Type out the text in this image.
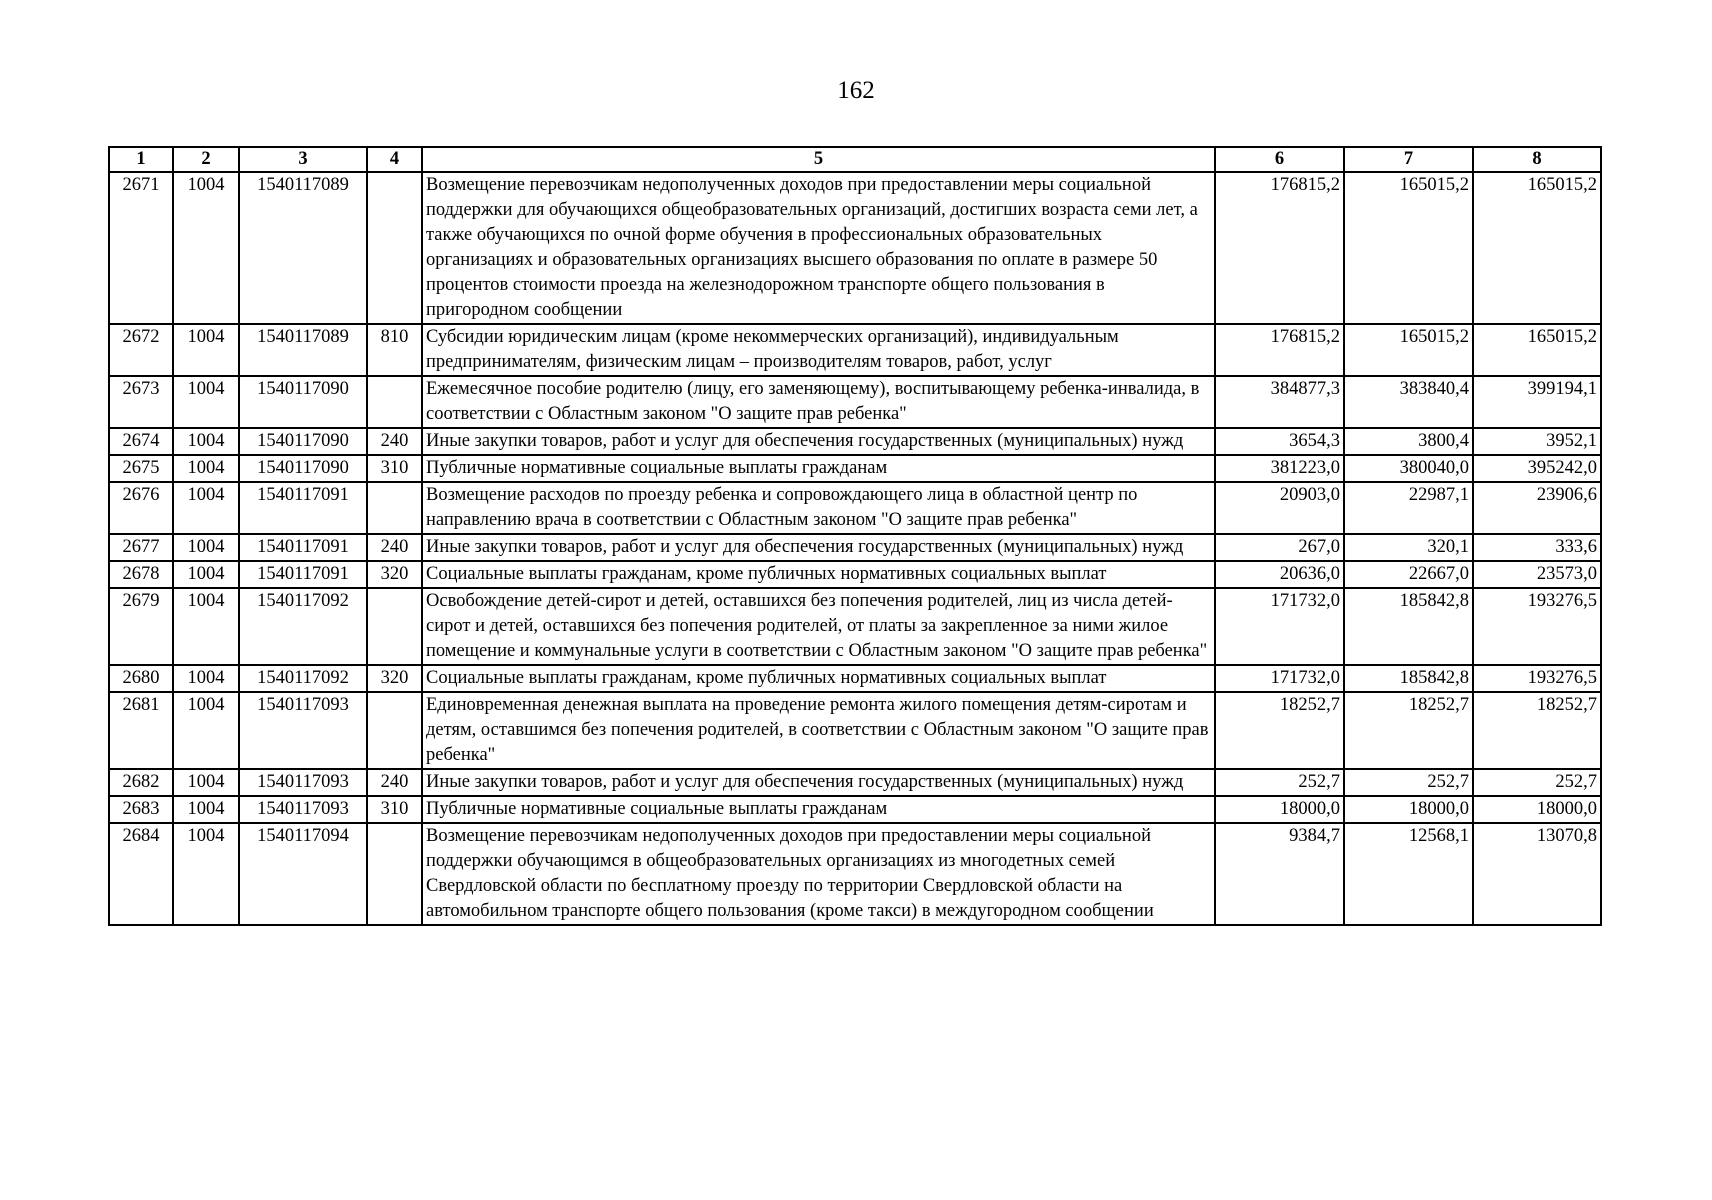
162
1	2	3	4	5	6	7	8
2671	1004	1540117089		Возмещение перевозчикам недополученных доходов при предоставлении меры социальной поддержки для обучающихся общеобразовательных организаций, достигших возраста семи лет, а также обучающихся по очной форме обучения в профессиональных образовательных организациях и образовательных организациях высшего образования по оплате в размере 50 процентов стоимости проезда на железнодорожном транспорте общего пользования в пригородном сообщении	176815,2	165015,2	165015,2
2672	1004	1540117089	810	Субсидии юридическим лицам (кроме некоммерческих организаций), индивидуальным предпринимателям, физическим лицам – производителям товаров, работ, услуг	176815,2	165015,2	165015,2
2673	1004	1540117090		Ежемесячное пособие родителю (лицу, его заменяющему), воспитывающему ребенка-инвалида, в соответствии с Областным законом "О защите прав ребенка"	384877,3	383840,4	399194,1
2674	1004	1540117090	240	Иные закупки товаров, работ и услуг для обеспечения государственных (муниципальных) нужд	3654,3	3800,4	3952,1
2675	1004	1540117090	310	Публичные нормативные социальные выплаты гражданам	381223,0	380040,0	395242,0
2676	1004	1540117091		Возмещение расходов по проезду ребенка и сопровождающего лица в областной центр по направлению врача в соответствии с Областным законом "О защите прав ребенка"	20903,0	22987,1	23906,6
2677	1004	1540117091	240	Иные закупки товаров, работ и услуг для обеспечения государственных (муниципальных) нужд	267,0	320,1	333,6
2678	1004	1540117091	320	Социальные выплаты гражданам, кроме публичных нормативных социальных выплат	20636,0	22667,0	23573,0
2679	1004	1540117092		Освобождение детей-сирот и детей, оставшихся без попечения родителей, лиц из числа детей-сирот и детей, оставшихся без попечения родителей, от платы за закрепленное за ними жилое помещение и коммунальные услуги в соответствии с Областным законом "О защите прав ребенка"	171732,0	185842,8	193276,5
2680	1004	1540117092	320	Социальные выплаты гражданам, кроме публичных нормативных социальных выплат	171732,0	185842,8	193276,5
2681	1004	1540117093		Единовременная денежная выплата на проведение ремонта жилого помещения детям-сиротам и детям, оставшимся без попечения родителей, в соответствии с Областным законом "О защите прав ребенка"	18252,7	18252,7	18252,7
2682	1004	1540117093	240	Иные закупки товаров, работ и услуг для обеспечения государственных (муниципальных) нужд	252,7	252,7	252,7
2683	1004	1540117093	310	Публичные нормативные социальные выплаты гражданам	18000,0	18000,0	18000,0
2684	1004	1540117094		Возмещение перевозчикам недополученных доходов при предоставлении меры социальной поддержки обучающимся в общеобразовательных организациях из многодетных семей Свердловской области по бесплатному проезду по территории Свердловской области на автомобильном транспорте общего пользования (кроме такси) в междугородном сообщении	9384,7	12568,1	13070,8
